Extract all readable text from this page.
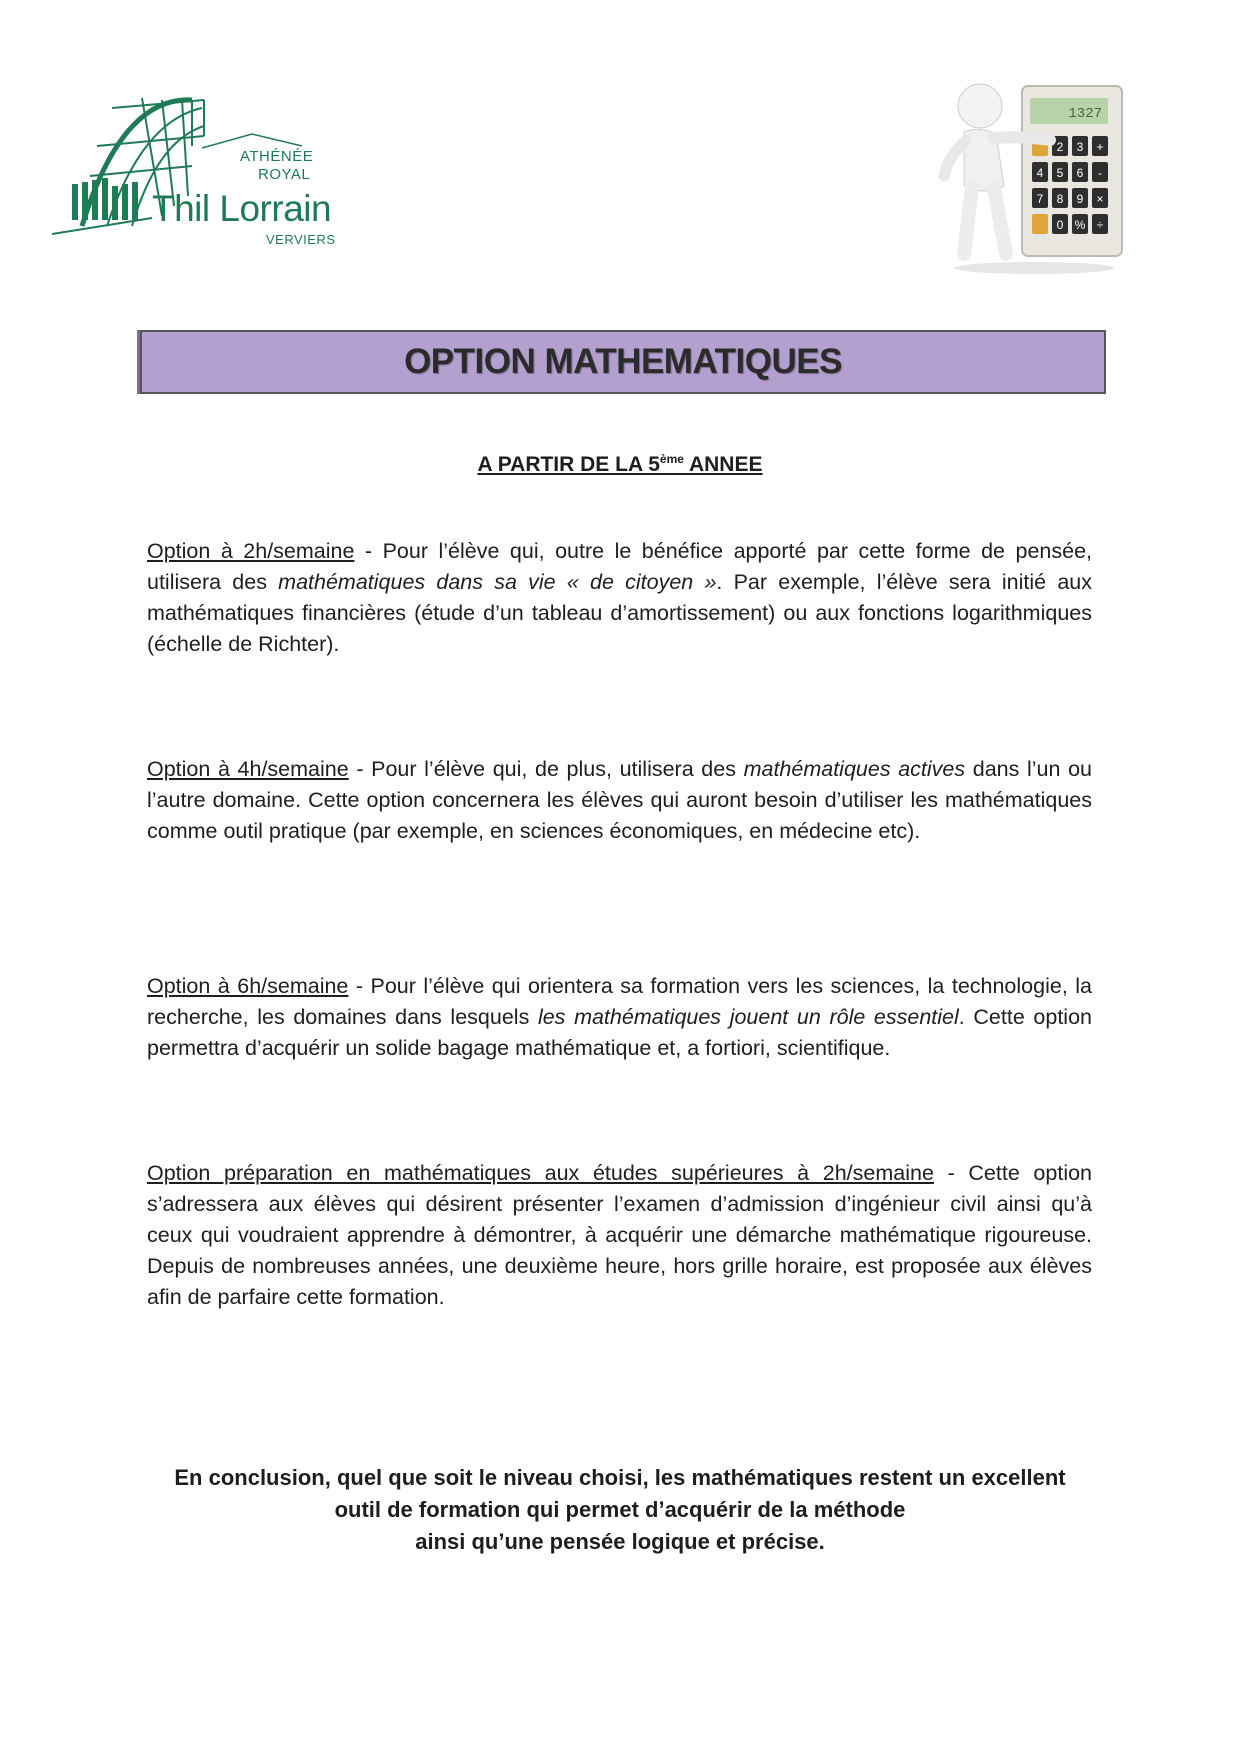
ATHÉNÉE
ROYAL
Thil Lorrain
VERVIERS
1327
2 3 +
4 5 6 -
7 8 9 ×
0 % ÷
OPTION MATHEMATIQUES
A PARTIR DE LA 5ème ANNEE

Option à 2h/semaine - Pour l’élève qui, outre le bénéfice apporté par cette forme de pensée, utilisera des mathématiques dans sa vie « de citoyen ». Par exemple, l’élève sera initié aux mathématiques financières (étude d’un tableau d’amortissement) ou aux fonctions logarithmiques (échelle de Richter).

Option à 4h/semaine - Pour l’élève qui, de plus, utilisera des mathématiques actives dans l’un ou l’autre domaine. Cette option concernera les élèves qui auront besoin d’utiliser les mathématiques comme outil pratique (par exemple, en sciences économiques, en médecine etc).

Option à 6h/semaine - Pour l’élève qui orientera sa formation vers les sciences, la technologie, la recherche, les domaines dans lesquels les mathématiques jouent un rôle essentiel. Cette option permettra d’acquérir un solide bagage mathématique et, a fortiori, scientifique.

Option préparation en mathématiques aux études supérieures à 2h/semaine - Cette option s’adressera aux élèves qui désirent présenter l’examen d’admission d’ingénieur civil ainsi qu’à ceux qui voudraient apprendre à démontrer, à acquérir une démarche mathématique rigoureuse. Depuis de nombreuses années, une deuxième heure, hors grille horaire, est proposée aux élèves afin de parfaire cette formation.

En conclusion, quel que soit le niveau choisi, les mathématiques restent un excellent
outil de formation qui permet d’acquérir de la méthode
ainsi qu’une pensée logique et précise.
